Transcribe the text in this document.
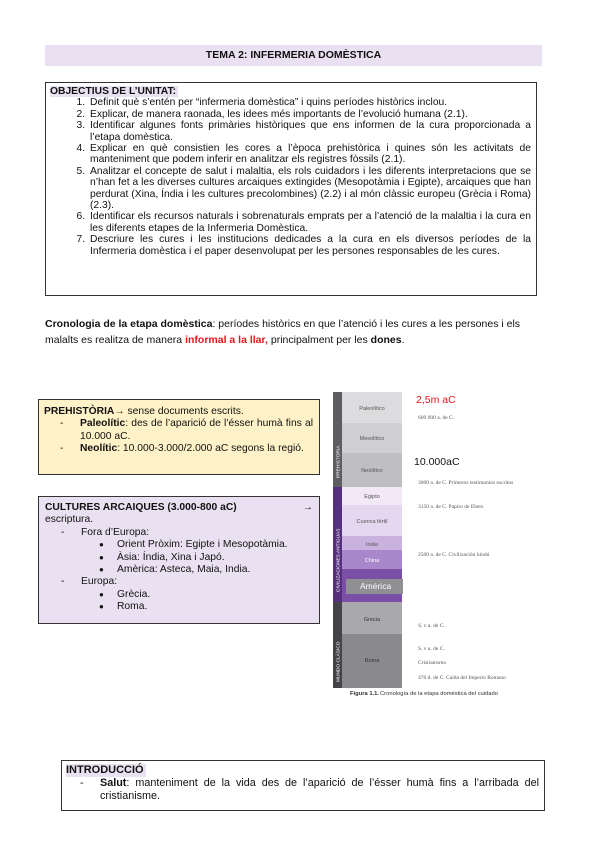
TEMA 2: INFERMERIA DOMÈSTICA
OBJECTIUS DE L’UNITAT:
1. Definit què s’entén per “infermeria domèstica” i quins períodes històrics inclou.
2. Explicar, de manera raonada, les idees més importants de l’evolució humana (2.1).
3. Identificar algunes fonts primàries històriques que ens informen de la cura proporcionada a l’etapa domèstica.
4. Explicar en què consistien les cores a l’època prehistòrica i quines són les activitats de manteniment que podem inferir en analitzar els registres fòssils (2.1).
5. Analitzar el concepte de salut i malaltia, els rols cuidadors i les diferents interpretacions que se n’han fet a les diverses cultures arcaiques extingides (Mesopotàmia i Egipte), arcaiques que han perdurat (Xina, Índia i les cultures precolombines) (2.2) i al món clàssic europeu (Grècia i Roma) (2.3).
6. Identificar els recursos naturals i sobrenaturals emprats per a l’atenció de la malaltia i la cura en les diferents etapes de la Infermeria Domèstica.
7. Descriure les cures i les institucions dedicades a la cura en els diversos períodes de la Infermeria domèstica i el paper desenvolupat per les persones responsables de les cures.
Cronologia de la etapa domèstica: períodes històrics en que l’atenció i les cures a les persones i els malalts es realitza de manera informal a la llar, principalment per les dones.
PREHISTÒRIA→ sense documents escrits.
- Paleolític: des de l’aparició de l’ésser humà fins al 10.000 aC.
- Neolític: 10.000-3.000/2.000 aC segons la regió.
CULTURES ARCAIQUES (3.000-800 aC)	→
escriptura.
- Fora d’Europa:
● Orient Pròxim: Egipte i Mesopotàmia.
● Àsia: Índia, Xina i Japó.
● Amèrica: Asteca, Maia, India.
- Europa:
● Grècia.
● Roma.
PREHISTORIA
CIVILIZACIONES ANTIGUAS
MUNDO CLÁSICO
Paleolítico
Mesolítico
Neolítico
Egipto
Cuenca fértil
India
China
América
Grecia
Roma
2,5m aC
600 000 a. de C.
10.000aC
3000 a. de C. Primeros testimonios escritos
3150 a. de C. Papiro de Ebers
2500 a. de C. Civilización hindú
S. v a. de C.
S. v a. de C.
Cristianismo
476 d. de C. Caída del Imperio Romano
Figura 1.1. Cronología de la etapa doméstica del cuidado
INTRODUCCIÓ
- Salut: manteniment de la vida des de l’aparició de l’ésser humà fins a l’arribada del cristianisme.
